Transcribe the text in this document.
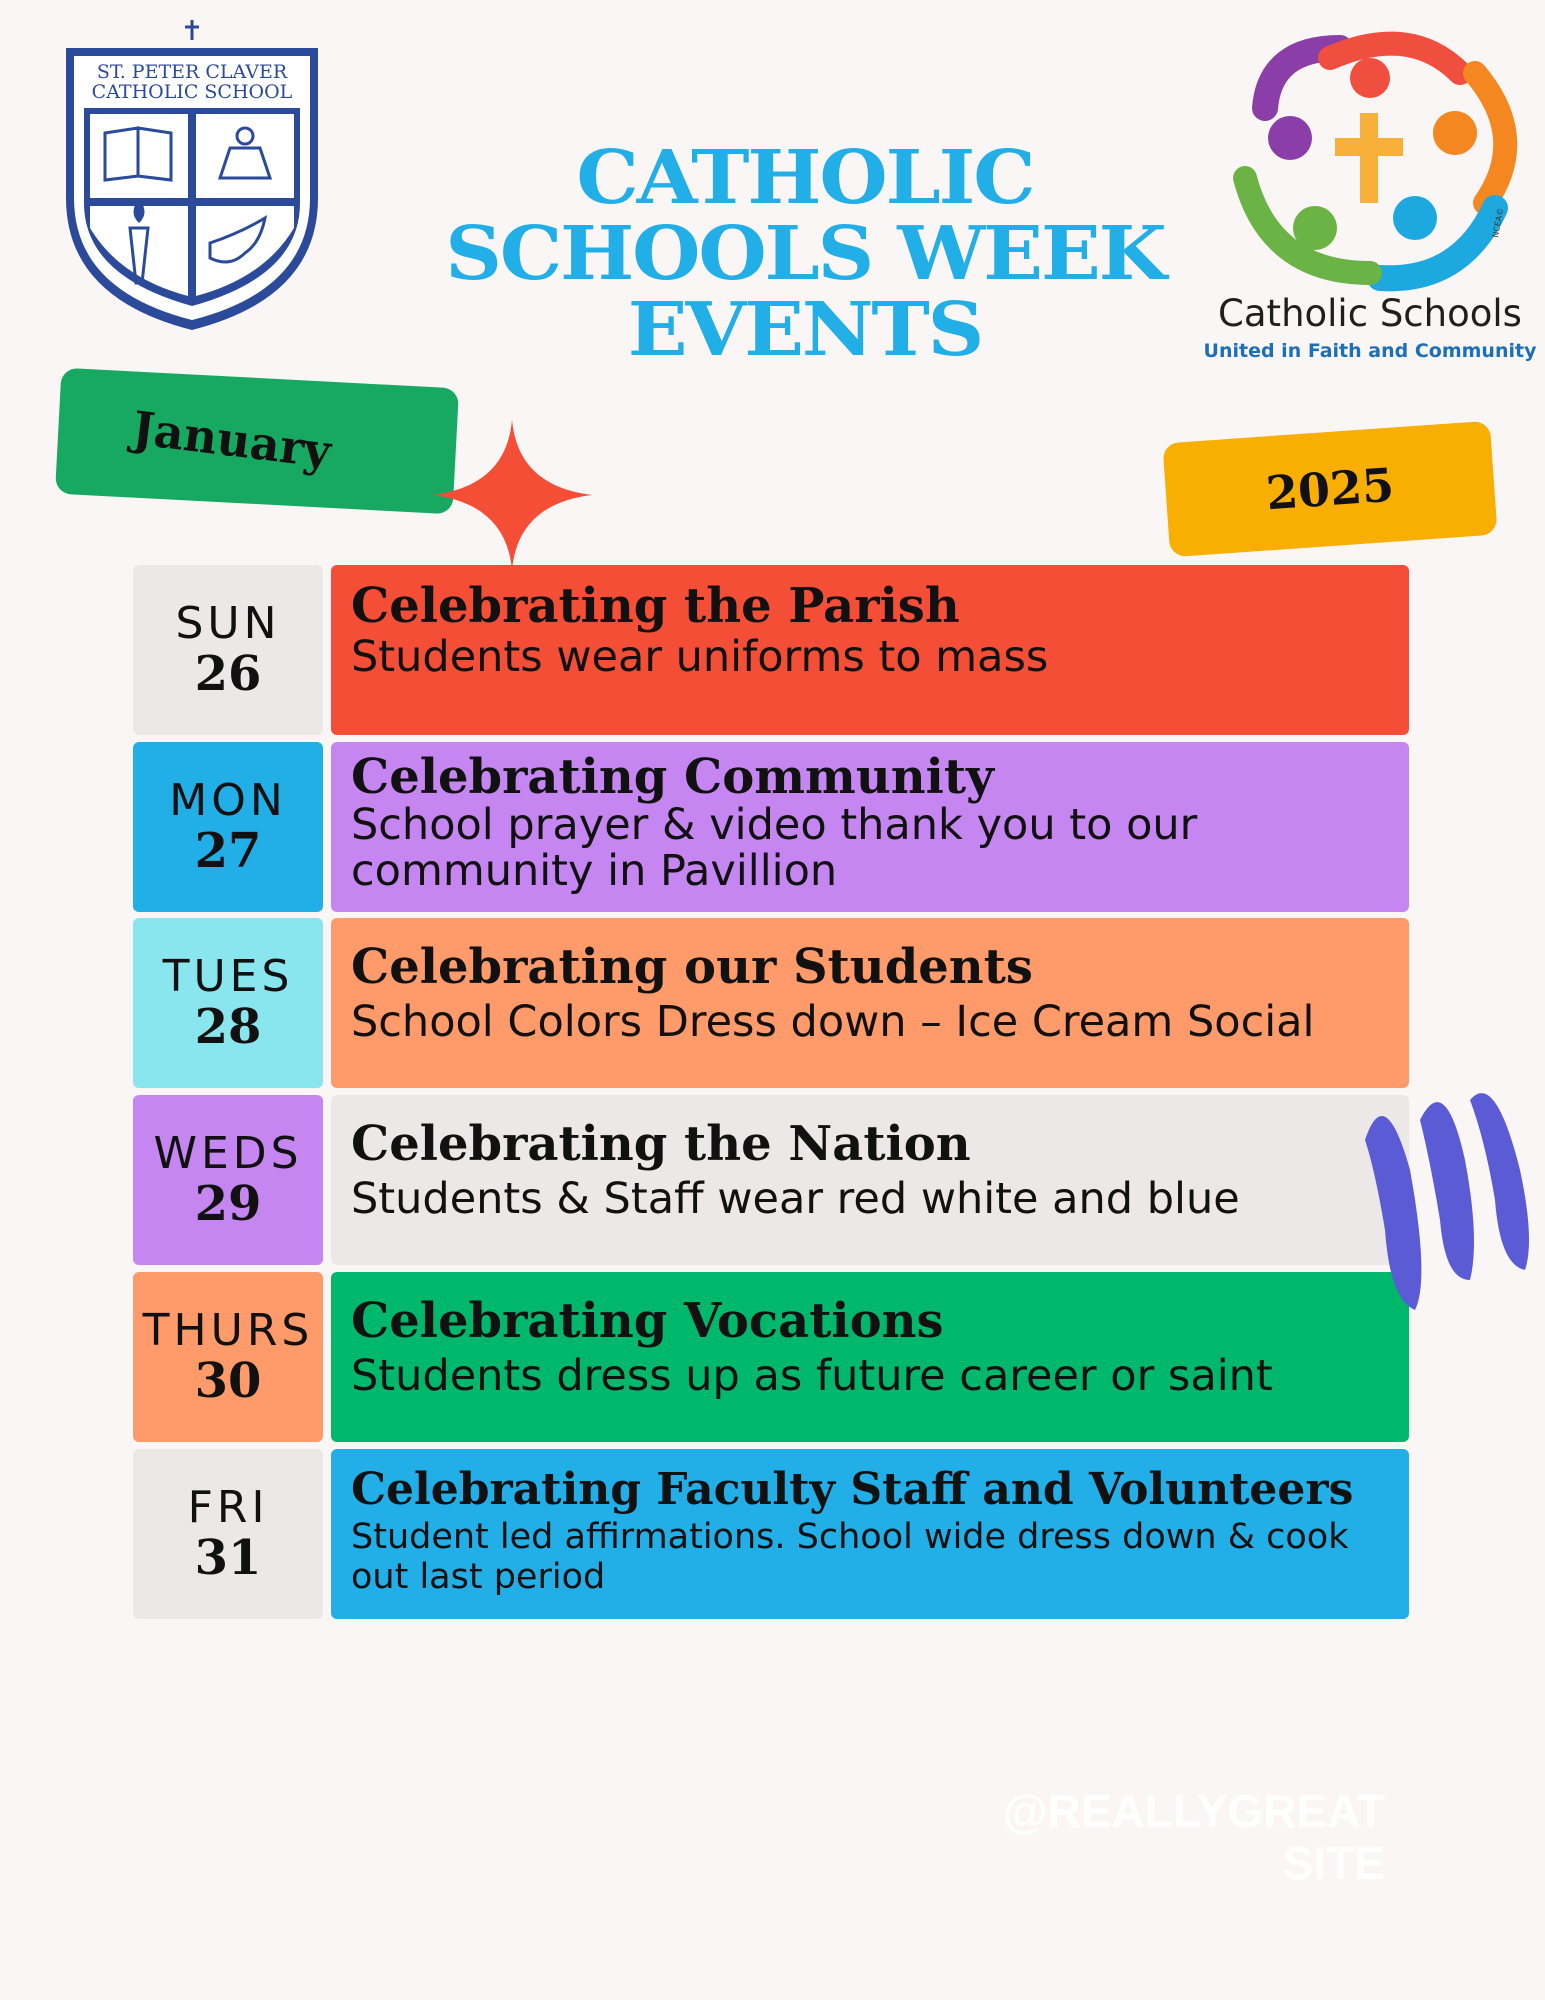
ST. PETER CLAVER
CATHOLIC SCHOOL
CATHOLIC
SCHOOLS WEEK
EVENTS
NCEA©
Catholic Schools
United in Faith and Community
January
2025
SUN
26
Celebrating the Parish
Students wear uniforms to mass
MON
27
Celebrating Community
School prayer & video thank you to our community in Pavillion
TUES
28
Celebrating our Students
School Colors Dress down – Ice Cream Social
WEDS
29
Celebrating the Nation
Students & Staff wear red white and blue
THURS
30
Celebrating Vocations
Students dress up as future career or saint
FRI
31
Celebrating Faculty Staff and Volunteers
Student led affirmations. School wide dress down & cook out last period
@REALLYGREAT
SITE
